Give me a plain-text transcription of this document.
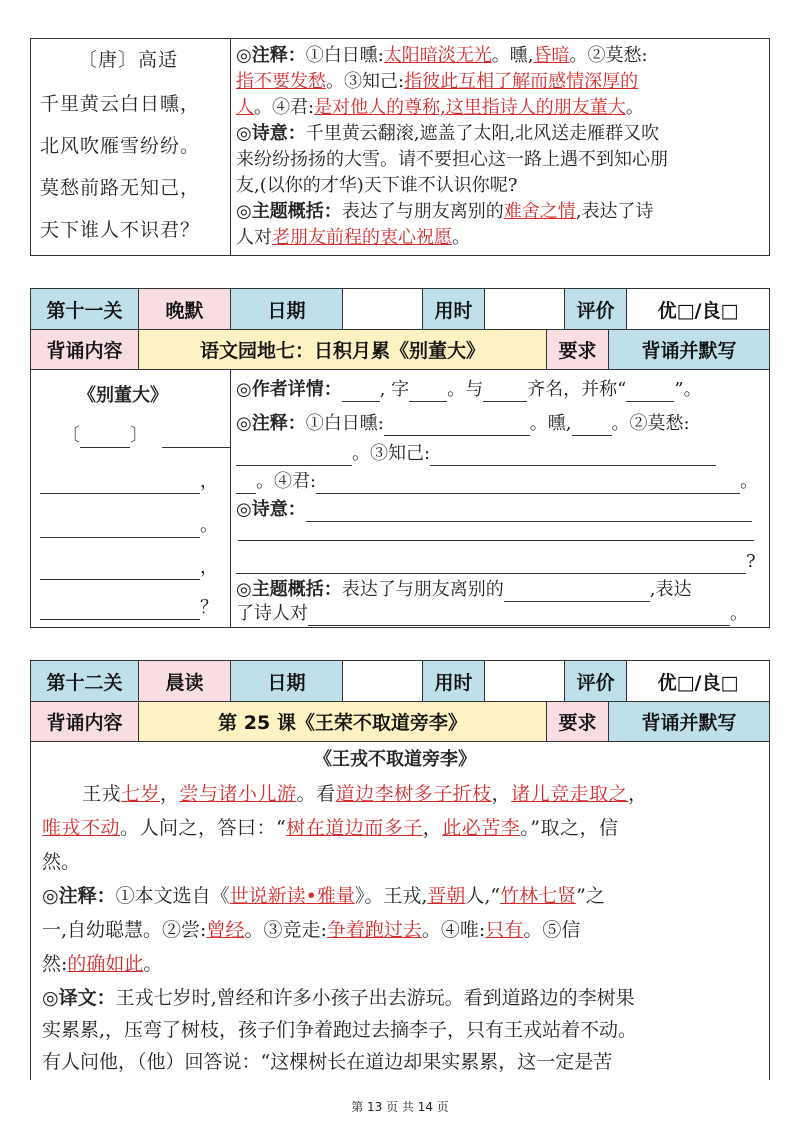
〔唐〕高适
千里黄云白日曛，
北风吹雁雪纷纷。
莫愁前路无知己，
天下谁人不识君？
◎注释：①白日曛:太阳暗淡无光。曛,昏暗。②莫愁:
指不要发愁。③知己:指彼此互相了解而感情深厚的
人。④君:是对他人的尊称,这里指诗人的朋友董大。
◎诗意：千里黄云翻滚,遮盖了太阳,北风送走雁群又吹
来纷纷扬扬的大雪。请不要担心这一路上遇不到知心朋
友,(以你的才华)天下谁不认识你呢?
◎主题概括：表达了与朋友离别的难舍之情,表达了诗
人对老朋友前程的衷心祝愿。
第十一关	晚默	日期	用时	评价	优□/良□
背诵内容	语文园地七：日积月累《别董大》	要求	背诵并默写
《别董大》
〔	〕
，
。
，
？
◎作者详情： , 字 。与 齐名，并称“	”。
◎注释：①白日曛:	。曛, 。②莫愁:
。③知己:
。④君:	。
◎诗意：
?
◎主题概括：表达了与朋友离别的	,表达
了诗人对	。
第十二关	晨读	日期	用时	评价	优□/良□
背诵内容	第 25 课《王荣不取道旁李》	要求	背诵并默写
《王戎不取道旁李》
王戎七岁，尝与诸小儿游。看道边李树多子折枝，诸儿竞走取之，
唯戎不动。人问之，答曰：“树在道边而多子，此必苦李。”取之，信
然。
◎注释：①本文选自《世说新读•雅量》。王戎,晋朝人,“竹林七贤”之
一,自幼聪慧。②尝:曾经。③竞走:争着跑过去。④唯:只有。⑤信
然:的确如此。
◎译文：王戎七岁时,曾经和许多小孩子出去游玩。看到道路边的李树果
实累累,，压弯了树枝，孩子们争着跑过去摘李子，只有王戎站着不动。
有人问他，（他）回答说：“这棵树长在道边却果实累累，这一定是苦
第 13 页 共 14 页
